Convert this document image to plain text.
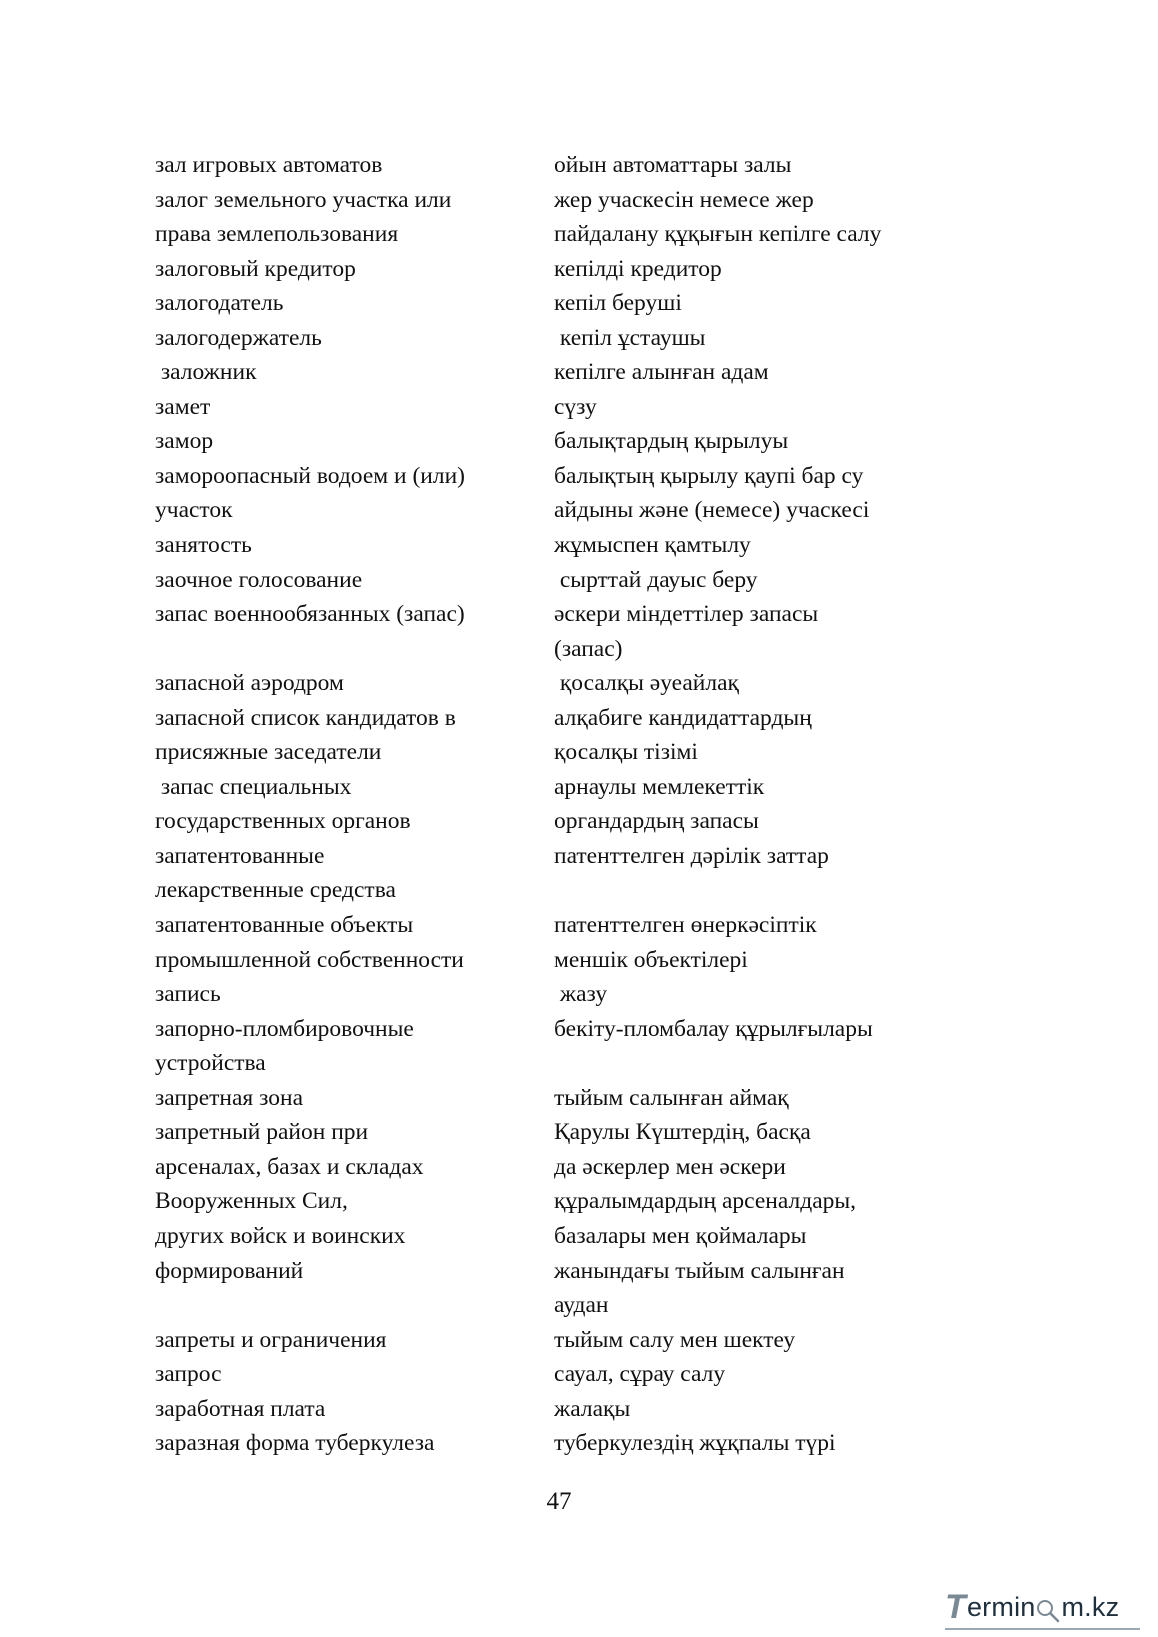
зал игровых автоматов	ойын автоматтары залы
залог земельного участка или	жер учаскесін немесе жер
права землепользования	пайдалану құқығын кепілге салу
залоговый кредитор	кепілді кредитор
залогодатель	кепіл беруші
залогодержатель	кепіл ұстаушы
заложник	кепілге алынған адам
замет	сүзу
замор	балықтардың қырылуы
замороопасный водоем и (или)	балықтың қырылу қаупі бар су
участок	айдыны және (немесе) учаскесі
занятость	жұмыспен қамтылу
заочное голосование	сырттай дауыс беру
запас военнообязанных (запас)	әскери міндеттілер запасы
(запас)
запасной аэродром	қосалқы әуеайлақ
запасной список кандидатов в	алқабиге кандидаттардың
присяжные заседатели	қосалқы тізімі
запас специальных	арнаулы мемлекеттік
государственных органов	органдардың запасы
запатентованные	патенттелген дәрілік заттар
лекарственные средства
запатентованные объекты	патенттелген өнеркәсіптік
промышленной собственности	меншік объектілері
запись	жазу
запорно-пломбировочные	бекіту-пломбалау құрылғылары
устройства
запретная зона	тыйым салынған аймақ
запретный район при	Қарулы Күштердің, басқа
арсеналах, базах и складах	да әскерлер мен әскери
Вооруженных Сил,	құралымдардың арсеналдары,
других войск и воинских	базалары мен қоймалары
формирований	жанындағы тыйым салынған
аудан
запреты и ограничения	тыйым салу мен шектеу
запрос	сауал, сұрау салу
заработная плата	жалақы
заразная форма туберкулеза	туберкулездің жұқпалы түрі
47
T ermin m.kz
